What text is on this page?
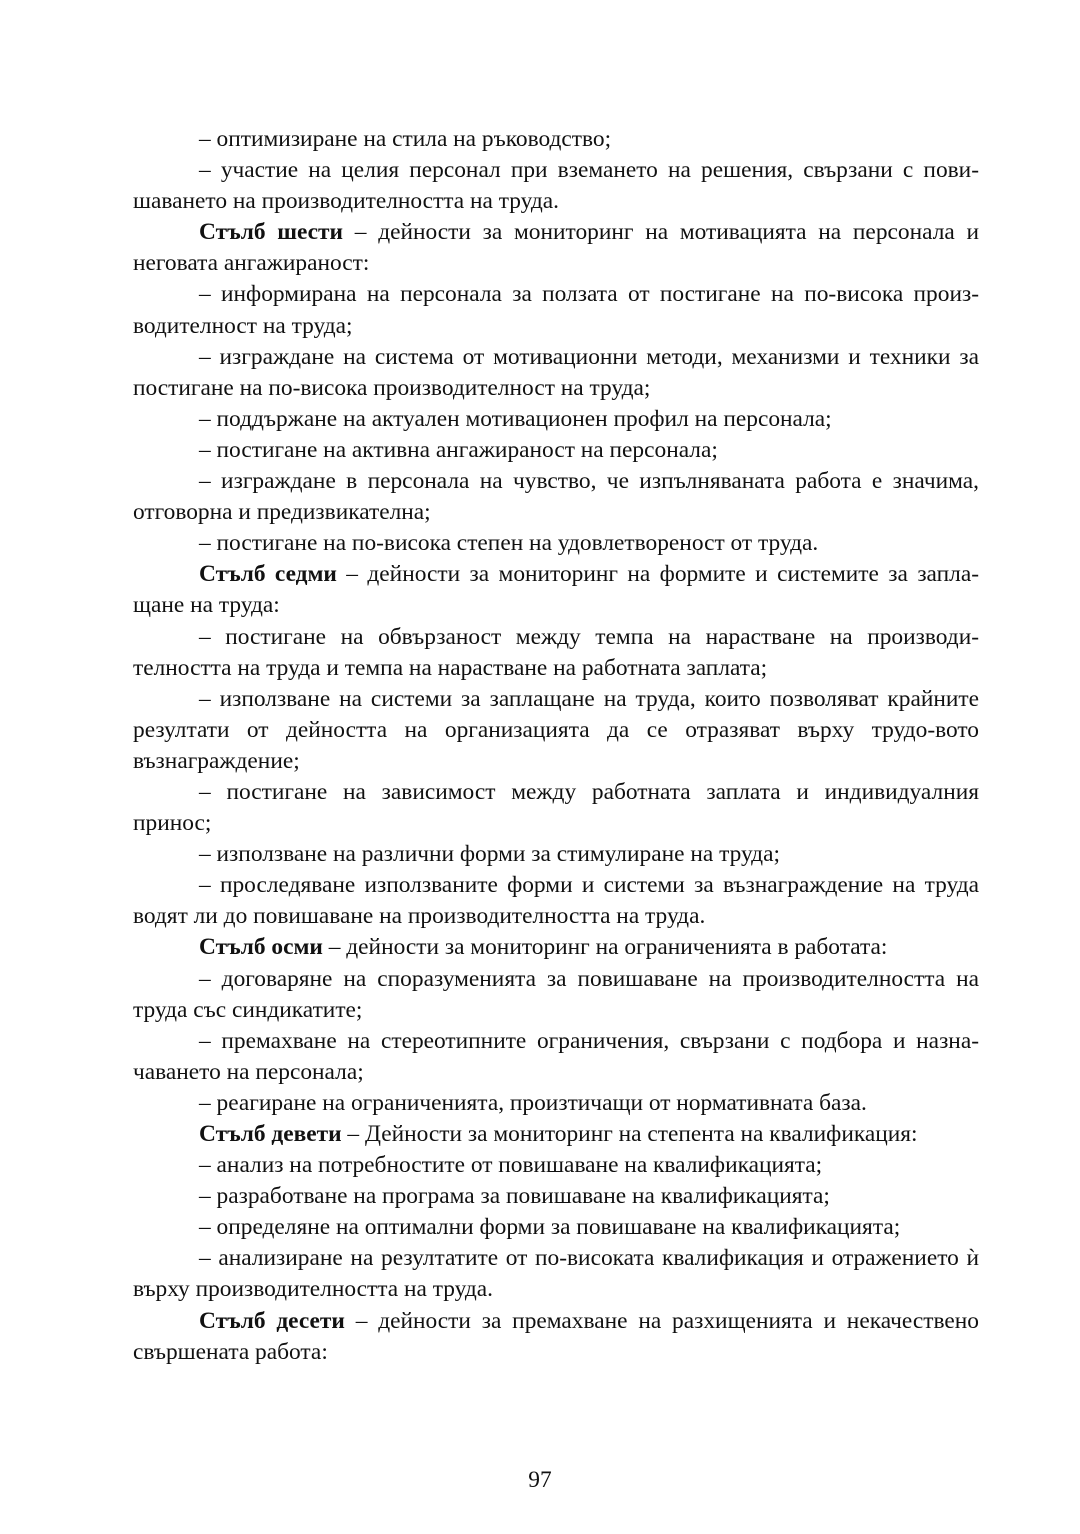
– оптимизиране на стила на ръководство;

– участие на целия персонал при вземането на решения, свързани с пови-шаването на производителността на труда.

Стълб шести – дейности за мониторинг на мотивацията на персонала и неговата ангажираност:

– информирана на персонала за ползата от постигане на по-висока произ-водителност на труда;

– изграждане на система от мотивационни методи, механизми и техники за постигане на по-висока производителност на труда;

– поддържане на актуален мотивационен профил на персонала;

– постигане на активна ангажираност на персонала;

– изграждане в персонала на чувство, че изпълняваната работа е значима, отговорна и предизвикателна;

– постигане на по-висока степен на удовлетвореност от труда.

Стълб седми – дейности за мониторинг на формите и системите за запла-щане на труда:

– постигане на обвързаност между темпа на нарастване на производи-телността на труда и темпа на нарастване на работната заплата;

– използване на системи за заплащане на труда, които позволяват крайните резултати от дейността на организацията да се отразяват върху трудо-вото възнаграждение;

– постигане на зависимост между работната заплата и индивидуалния принос;

– използване на различни форми за стимулиране на труда;

– проследяване използваните форми и системи за възнаграждение на труда водят ли до повишаване на производителността на труда.

Стълб осми – дейности за мониторинг на ограниченията в работата:

– договаряне на споразуменията за повишаване на производителността на труда със синдикатите;

– премахване на стереотипните ограничения, свързани с подбора и назна-чаването на персонала;

– реагиране на ограниченията, произтичащи от нормативната база.

Стълб девети – Дейности за мониторинг на степента на квалификация:

– анализ на потребностите от повишаване на квалификацията;

– разработване на програма за повишаване на квалификацията;

– определяне на оптимални форми за повишаване на квалификацията;

– анализиране на резултатите от по-високата квалификация и отражението ѝ върху производителността на труда.

Стълб десети – дейности за премахване на разхищенията и некачествено свършената работа:

97
